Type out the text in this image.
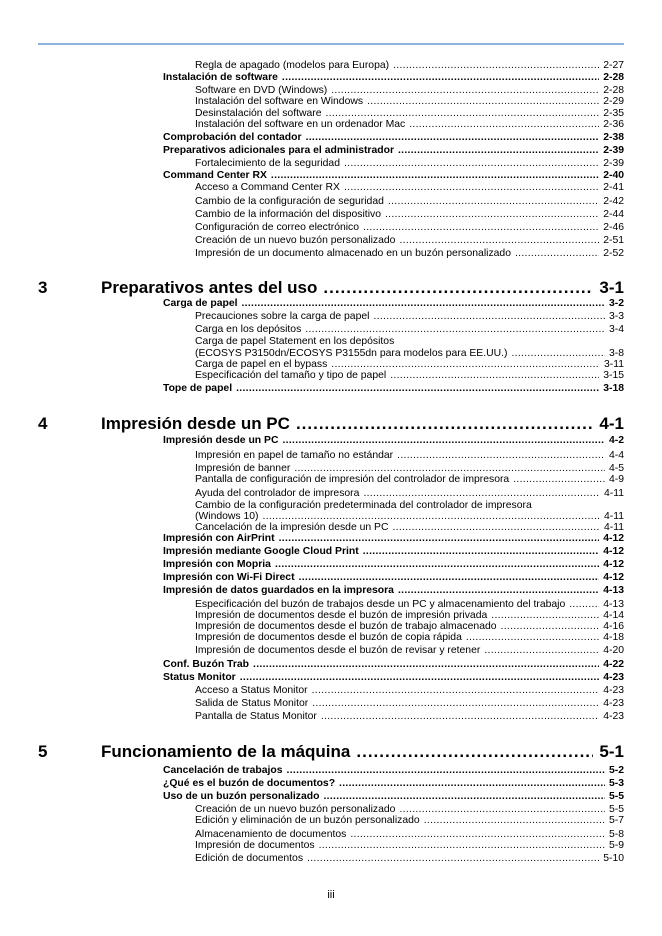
Regla de apagado (modelos para Europa) .....	2-27
Instalación de software .....	2-28
Software en DVD (Windows) .....	2-28
Instalación del software en Windows .....	2-29
Desinstalación del software .....	2-35
Instalación del software en un ordenador Mac .....	2-36
Comprobación del contador .....	2-38
Preparativos adicionales para el administrador .....	2-39
Fortalecimiento de la seguridad .....	2-39
Command Center RX .....	2-40
Acceso a Command Center RX .....	2-41
Cambio de la configuración de seguridad .....	2-42
Cambio de la información del dispositivo .....	2-44
Configuración de correo electrónico .....	2-46
Creación de un nuevo buzón personalizado .....	2-51
Impresión de un documento almacenado en un buzón personalizado .....	2-52
3	Preparativos antes del uso .....	3-1
Carga de papel .....	3-2
Precauciones sobre la carga de papel .....	3-3
Carga en los depósitos .....	3-4
Carga de papel Statement en los depósitos
(ECOSYS P3150dn/ECOSYS P3155dn para modelos para EE.UU.) .....	3-8
Carga de papel en el bypass .....	3-11
Especificación del tamaño y tipo de papel .....	3-15
Tope de papel .....	3-18
4	Impresión desde un PC .....	4-1
Impresión desde un PC .....	4-2
Impresión en papel de tamaño no estándar .....	4-4
Impresión de banner .....	4-5
Pantalla de configuración de impresión del controlador de impresora .....	4-9
Ayuda del controlador de impresora .....	4-11
Cambio de la configuración predeterminada del controlador de impresora
(Windows 10) .....	4-11
Cancelación de la impresión desde un PC .....	4-11
Impresión con AirPrint .....	4-12
Impresión mediante Google Cloud Print .....	4-12
Impresión con Mopria .....	4-12
Impresión con Wi-Fi Direct .....	4-12
Impresión de datos guardados en la impresora .....	4-13
Especificación del buzón de trabajos desde un PC y almacenamiento del trabajo .....	4-13
Impresión de documentos desde el buzón de impresión privada .....	4-14
Impresión de documentos desde el buzón de trabajo almacenado .....	4-16
Impresión de documentos desde el buzón de copia rápida .....	4-18
Impresión de documentos desde el buzón de revisar y retener .....	4-20
Conf. Buzón Trab .....	4-22
Status Monitor .....	4-23
Acceso a Status Monitor .....	4-23
Salida de Status Monitor .....	4-23
Pantalla de Status Monitor .....	4-23
5	Funcionamiento de la máquina .....	5-1
Cancelación de trabajos .....	5-2
¿Qué es el buzón de documentos? .....	5-3
Uso de un buzón personalizado .....	5-5
Creación de un nuevo buzón personalizado .....	5-5
Edición y eliminación de un buzón personalizado .....	5-7
Almacenamiento de documentos .....	5-8
Impresión de documentos .....	5-9
Edición de documentos .....	5-10
iii
